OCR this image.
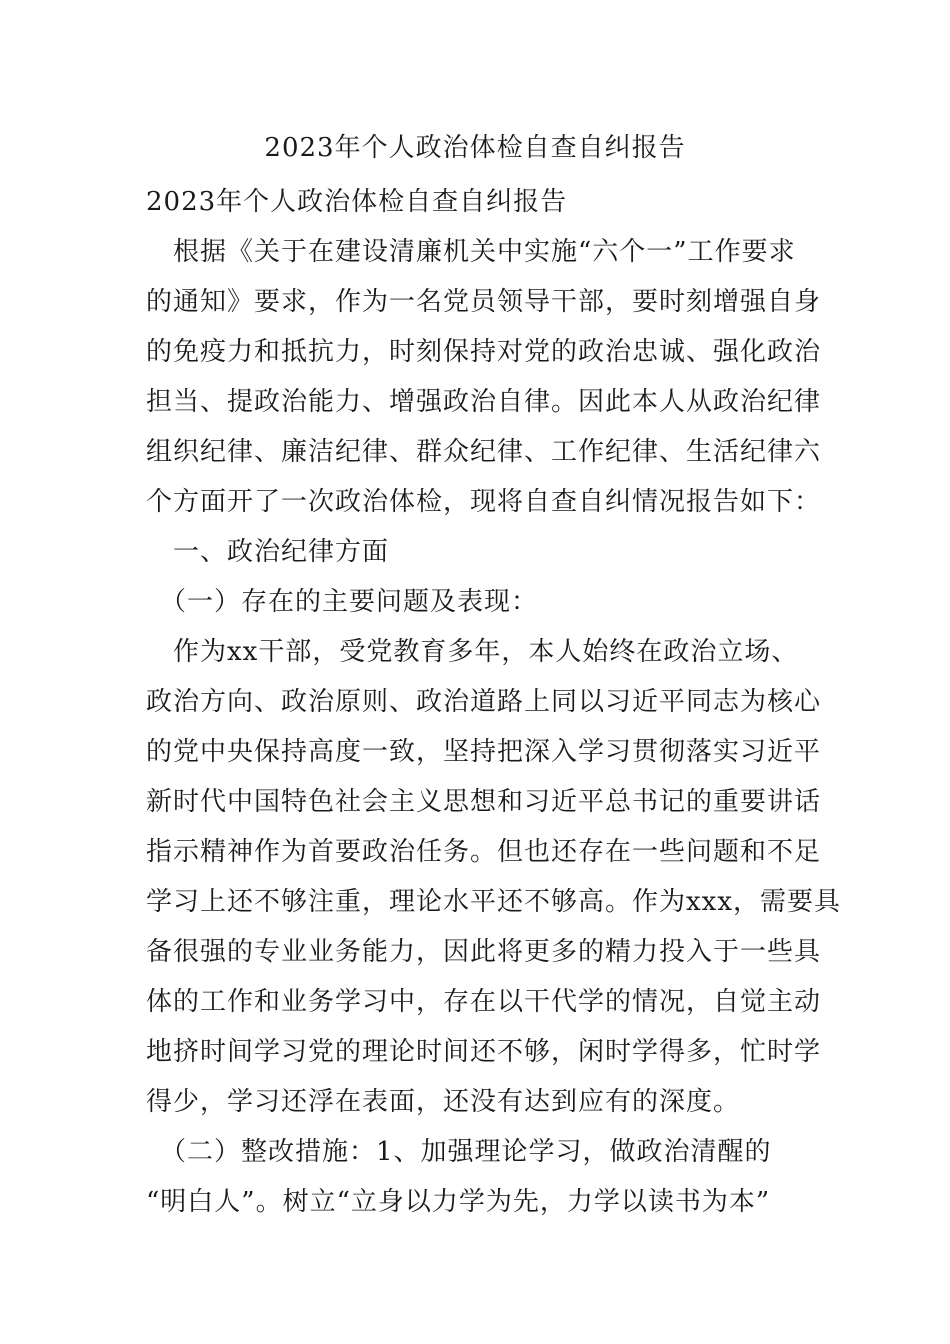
2023年个人政治体检自查自纠报告
2023年个人政治体检自查自纠报告
　根据《关于在建设清廉机关中实施“六个一”工作要求
的通知》要求，作为一名党员领导干部，要时刻增强自身
的免疫力和抵抗力，时刻保持对党的政治忠诚、强化政治
担当、提政治能力、增强政治自律。因此本人从政治纪律
组织纪律、廉洁纪律、群众纪律、工作纪律、生活纪律六
个方面开了一次政治体检，现将自查自纠情况报告如下：
　一、政治纪律方面
　（一）存在的主要问题及表现：
　作为xx干部，受党教育多年，本人始终在政治立场、
政治方向、政治原则、政治道路上同以习近平同志为核心
的党中央保持高度一致，坚持把深入学习贯彻落实习近平
新时代中国特色社会主义思想和习近平总书记的重要讲话
指示精神作为首要政治任务。但也还存在一些问题和不足
学习上还不够注重，理论水平还不够高。作为xxx，需要具
备很强的专业业务能力，因此将更多的精力投入于一些具
体的工作和业务学习中，存在以干代学的情况，自觉主动
地挤时间学习党的理论时间还不够，闲时学得多，忙时学
得少，学习还浮在表面，还没有达到应有的深度。
　（二）整改措施：1、加强理论学习，做政治清醒的
“明白人”。树立“立身以力学为先，力学以读书为本”
